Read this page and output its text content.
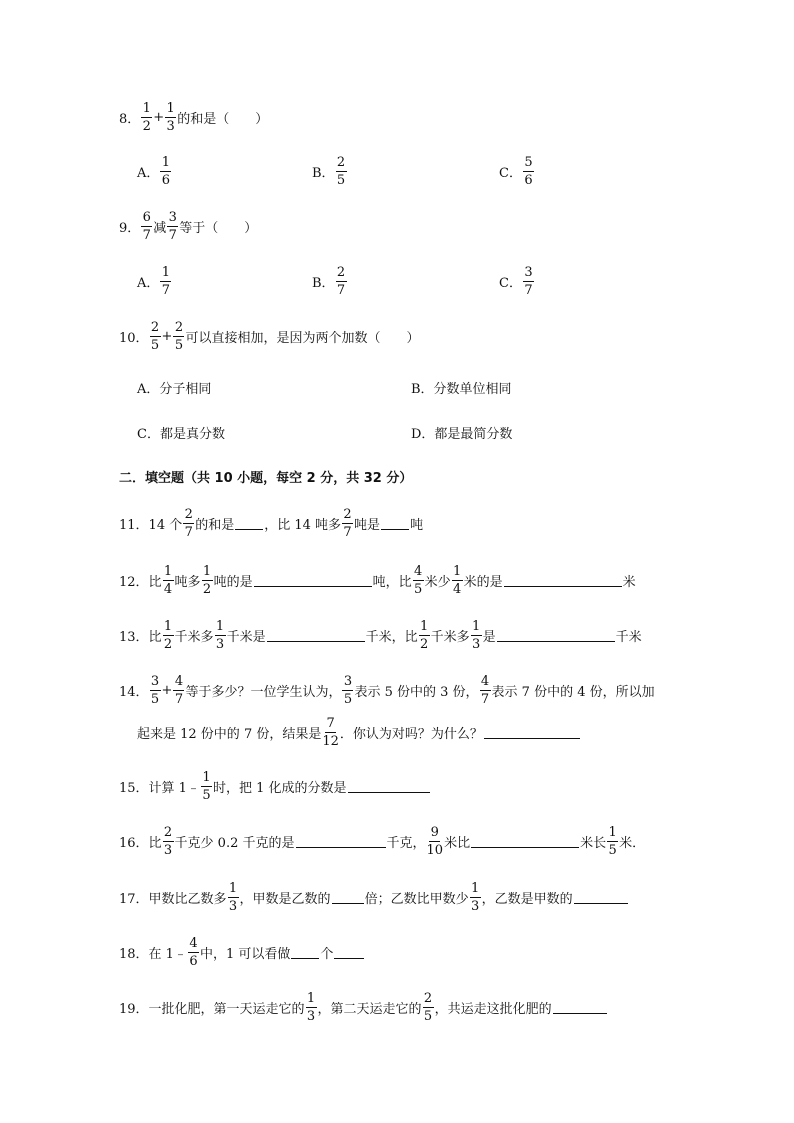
8． $\frac{1}{2} + \frac{1}{3}$ 的和是（　　）
A． $\frac{1}{6}$	B． $\frac{2}{5}$	C． $\frac{5}{6}$
9． $\frac{6}{7}$ 减 $\frac{3}{7}$ 等于（　　）
A． $\frac{1}{7}$	B． $\frac{2}{7}$	C． $\frac{3}{7}$
10． $\frac{2}{5} + \frac{2}{5}$ 可以直接相加，是因为两个加数（　　）
A．分子相同	B．分数单位相同
C．都是真分数	D．都是最简分数
二．填空题（共 10 小题，每空 2 分，共 32 分）
11．14 个 $\frac{2}{7}$ 的和是 ，比 14 吨多 $\frac{2}{7}$ 吨是 吨
12．比 $\frac{1}{4}$ 吨多 $\frac{1}{2}$ 吨的是	吨，比 $\frac{4}{5}$ 米少 $\frac{1}{4}$ 米的是	米
13．比 $\frac{1}{2}$ 千米多 $\frac{1}{3}$ 千米是	千米，比 $\frac{1}{2}$ 千米多 $\frac{1}{3}$ 是	千米
14． $\frac{3}{5} + \frac{4}{7}$ 等于多少？一位学生认为， $\frac{3}{5}$ 表示 5 份中的 3 份， $\frac{4}{7}$ 表示 7 份中的 4 份，所以加
起来是 12 份中的 7 份，结果是 $\frac{7}{12}$ ．你认为对吗？为什么？
15．计算 1﹣ $\frac{1}{5}$ 时，把 1 化成的分数是
16．比 $\frac{2}{3}$ 千克少 0.2 千克的是	千克， $\frac{9}{10}$ 米比	米长 $\frac{1}{5}$ 米．
17．甲数比乙数多 $\frac{1}{3}$ ，甲数是乙数的	倍；乙数比甲数少 $\frac{1}{3}$ ，乙数是甲数的
18．在 1﹣ $\frac{4}{6}$ 中，1 可以看做 个
19．一批化肥，第一天运走它的 $\frac{1}{3}$ ，第二天运走它的 $\frac{2}{5}$ ，共运走这批化肥的
